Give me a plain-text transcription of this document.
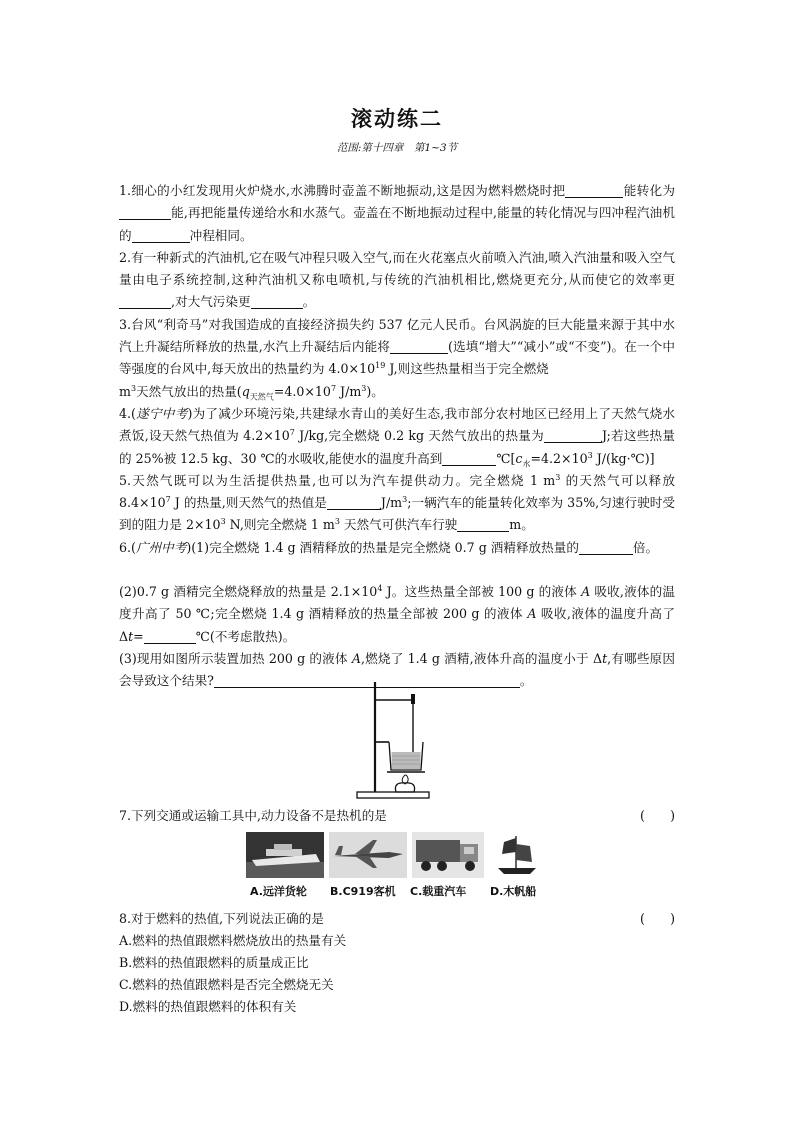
滚动练二
范围:第十四章　第1~3节

1.细心的小红发现用火炉烧水,水沸腾时壶盖不断地振动,这是因为燃料燃烧时把	能转化为能,再把能量传递给水和水蒸气。壶盖在不断地振动过程中,能量的转化情况与四冲程汽油机的	冲程相同。

2.有一种新式的汽油机,它在吸气冲程只吸入空气,而在火花塞点火前喷入汽油,喷入汽油量和吸入空气量由电子系统控制,这种汽油机又称电喷机,与传统的汽油机相比,燃烧更充分,从而使它的效率更,对大气污染更	。

3.台风“利奇马”对我国造成的直接经济损失约 537 亿元人民币。台风涡旋的巨大能量来源于其中水汽上升凝结所释放的热量,水汽上升凝结后内能将	(选填“增大”“减小”或“不变”)。在一个中等强度的台风中,每天放出的热量约为 $4.0\times 10^{19}$ J,则这些热量相当于完全燃烧
$m^3$天然气放出的热量($q_{天然气}=4.0\times 10^7$ $J/m^3$)。

4.(遂宁中考)为了减少环境污染,共建绿水青山的美好生态,我市部分农村地区已经用上了天然气烧水煮饭,设天然气热值为 $4.2\times 10^7$ J/kg,完全燃烧 0.2 kg 天然气放出的热量为	J;若这些热量的 25%被 12.5 kg、30 ℃的水吸收,能使水的温度升高到	$℃[c_水=4.2\times 10^3$ J/(kg·℃)]

5.天然气既可以为生活提供热量,也可以为汽车提供动力。完全燃烧 1 $m^3$ 的天然气可以释放 $8.4\times 10^7$ J 的热量,则天然气的热值是	$J/m^3$;一辆汽车的能量转化效率为 35%,匀速行驶时受到的阻力是 $2\times 10^3$ N,则完全燃烧 1 $m^3$ 天然气可供汽车行驶	m。

6.(广州中考)(1)完全燃烧 1.4 g 酒精释放的热量是完全燃烧 0.7 g 酒精释放热量的	倍。

(2)0.7 g 酒精完全燃烧释放的热量是 $2.1\times 10^4$ J。这些热量全部被 100 g 的液体 A 吸收,液体的温度升高了 50 ℃;完全燃烧 1.4 g 酒精释放的热量全部被 200 g 的液体 A 吸收,液体的温度升高了 Δt=	℃(不考虑散热)。

(3)现用如图所示装置加热 200 g 的液体 A,燃烧了 1.4 g 酒精,液体升高的温度小于 Δt,有哪些原因会导致这个结果?	。

7.下列交通或运输工具中,动力设备不是热机的是	(　　)
A.远洋货轮 B.C919客机 C.载重汽车 D.木帆船

8.对于燃料的热值,下列说法正确的是	(　　)

A.燃料的热值跟燃料燃烧放出的热量有关

B.燃料的热值跟燃料的质量成正比

C.燃料的热值跟燃料是否完全燃烧无关

D.燃料的热值跟燃料的体积有关
